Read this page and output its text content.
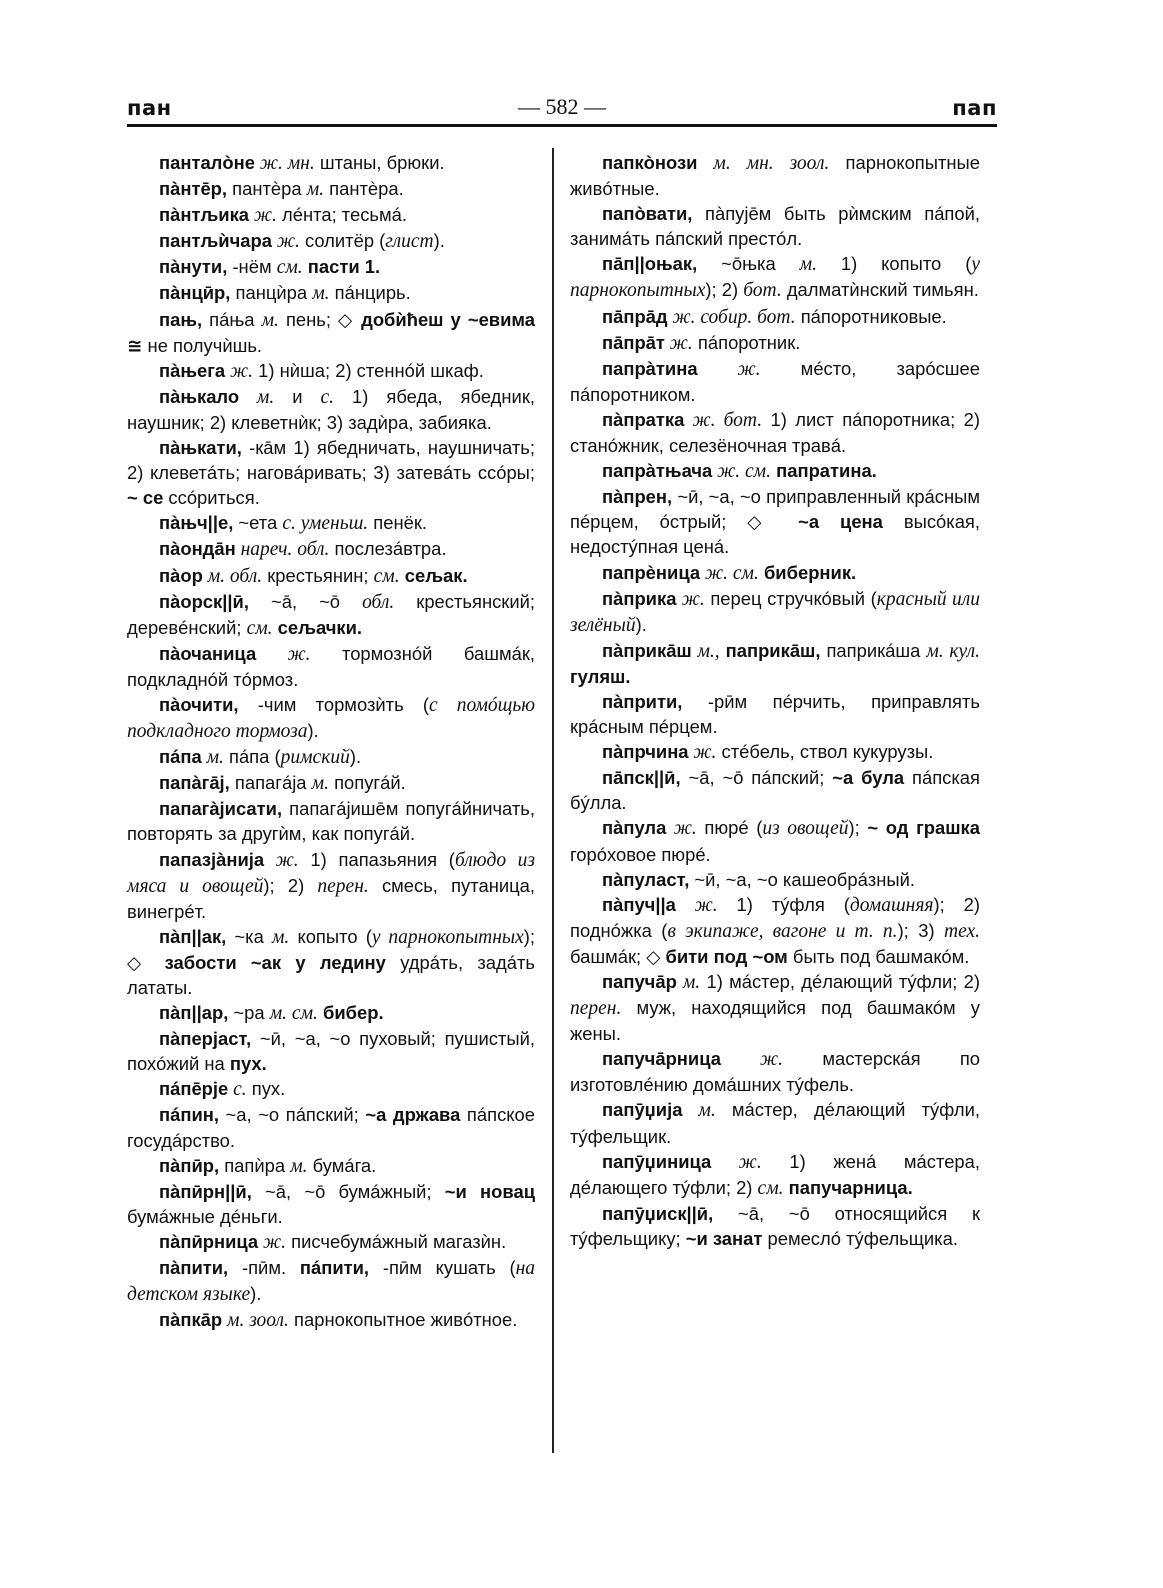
пан	— 582 —	пап

панталòне ж. мн. штаны, брюки.

пàнтēр, пантèра м. пантèра.

пàнтљика ж. лéнта; тесьмá.

пантљѝчара ж. солитёр (глист).

пàнути, -нём см. пасти 1.

пàнцӣр, панцѝра м. пáнцирь.

пањ, пáња м. пень; ◇ добѝћеш у ~евима ≅ не получѝшь.

пàњега ж. 1) нѝша; 2) стеннóй шкаф.

пàњкало м. и с. 1) ябеда, ябедник, наушник; 2) клеветнѝк; 3) задѝра, забияка.

пàњкати, -кāм 1) ябедничать, наушничать; 2) клеветáть; наговáривать; 3) затевáть ссóры; ~ се ссóриться.

пàњч||е, ~ета с. уменьш. пенёк.

пàондāн нареч. обл. послезáвтра.

пàор м. обл. крестьянин; см. сељак.

пàорск||ӣ, ~ā, ~ō обл. крестьянский; деревéнский; см. сељачки.

пàочаница ж. тормознóй башмáк, подкладнóй тóрмоз.

пàочити, -чим тормозѝть (с помóщью подкладного тормоза).

пáпа м. пáпа (римский).

папàгāј, папагáја м. попугáй.

папагàјисати, папагáјишēм попугáйничать, повторять за другѝм, как попугáй.

папазјàнија ж. 1) папазьяния (блюдо из мяса и овощей); 2) перен. смесь, путаница, винегрéт.

пàп||ак, ~ка м. копыто (у парнокопытных); ◇ забости ~ак у ледину удрáть, задáть лататы.

пàп||ар, ~ра м. см. бибер.

пàперјаст, ~ӣ, ~а, ~о пуховый; пушистый, похóжий на пух.

пáпēрје с. пух.

пáпин, ~а, ~о пáпский; ~а држава пáпское госудáрство.

пàпӣр, папѝра м. бумáга.

пàпӣрн||ӣ, ~ā, ~ō бумáжный; ~и новац бумáжные дéньги.

пàпӣрница ж. писчебумáжный магазѝн.

пàпити, -пӣм. пáпити, -пӣм кушать (на детском языке).

пàпкāр м. зоол. парнокопытное живóтное.

папкòнози м. мн. зоол. парнокопытные живóтные.

папòвати, пàпујēм быть рѝмским пáпой, занимáть пáпский престóл.

пāп||оњак, ~ōњка м. 1) копыто (у парнокопытных); 2) бот. далматѝнский тимьян.

пāпрāд ж. собир. бот. пáпоротниковые.

пāпрāт ж. пáпоротник.

папрàтина ж. мéсто, зарóсшее пáпоротником.

пàпратка ж. бот. 1) лист пáпоротника; 2) станóжник, селезёночная травá.

папрàтњача ж. см. папратина.

пàпрен, ~ӣ, ~а, ~о приправленный крáсным пéрцем, óстрый; ◇ ~а цена высóкая, недостýпная ценá.

папрèница ж. см. биберник.

пàприка ж. перец стручкóвый (красный или зелёный).

пàприкāш м., паприкāш, паприкáша м. кул. гуляш.

пàприти, -рӣм пéрчить, приправлять крáсным пéрцем.

пàпрчина ж. стéбель, ствол кукурузы.

пāпск||ӣ, ~ā, ~ō пáпский; ~а була пáпская бýлла.

пàпула ж. пюрé (из овощей); ~ од грашка горóховое пюрé.

пàпуласт, ~ӣ, ~а, ~о кашеобрáзный.

пàпуч||а ж. 1) тýфля (домашняя); 2) поднóжка (в экипаже, вагоне и т. п.); 3) тех. башмáк; ◇ бити под ~ом быть под башмакóм.

папучāр м. 1) мáстер, дéлающий тýфли; 2) перен. муж, находящийся под башмакóм у жены.

папучāрница ж. мастерскáя по изготовлéнию домáшних тýфель.

папȳџија м. мáстер, дéлающий тýфли, тýфельщик.

папȳџиница ж. 1) женá мáстера, дéлающего тýфли; 2) см. папучарница.

папȳџиск||ӣ, ~ā, ~ō относящийся к тýфельщику; ~и занат ремеслó тýфельщика.
